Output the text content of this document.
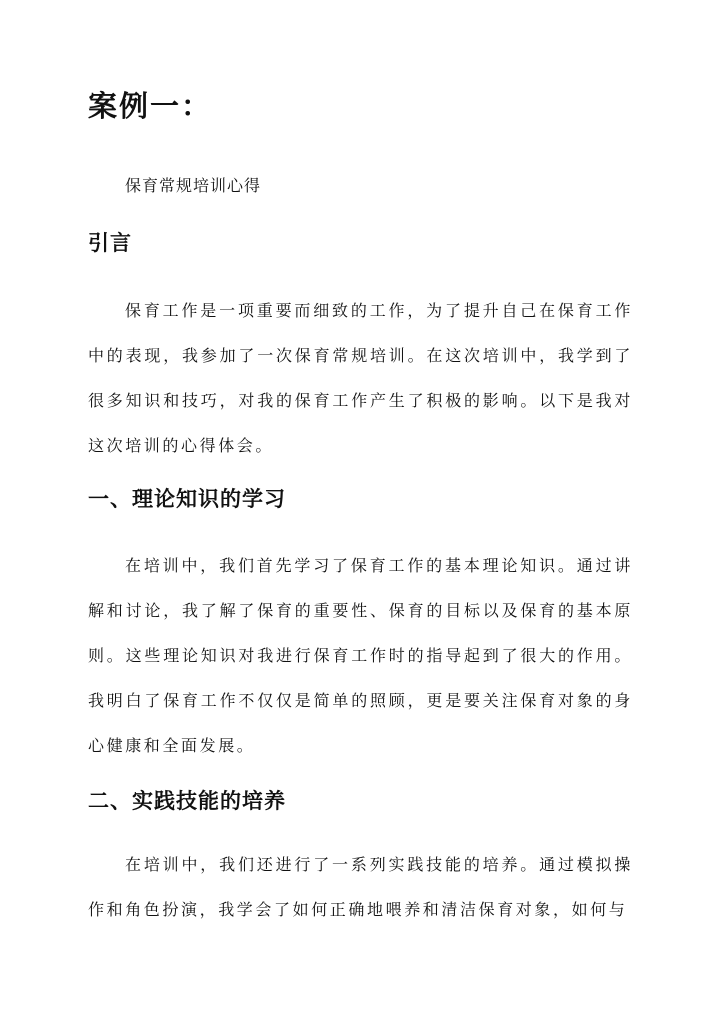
案例一：

保育常规培训心得

引言

保育工作是一项重要而细致的工作，为了提升自己在保育工作中的表现，我参加了一次保育常规培训。在这次培训中，我学到了很多知识和技巧，对我的保育工作产生了积极的影响。以下是我对这次培训的心得体会。

一、理论知识的学习

在培训中，我们首先学习了保育工作的基本理论知识。通过讲解和讨论，我了解了保育的重要性、保育的目标以及保育的基本原则。这些理论知识对我进行保育工作时的指导起到了很大的作用。我明白了保育工作不仅仅是简单的照顾，更是要关注保育对象的身心健康和全面发展。

二、实践技能的培养

在培训中，我们还进行了一系列实践技能的培养。通过模拟操作和角色扮演，我学会了如何正确地喂养和清洁保育对象，如何与
